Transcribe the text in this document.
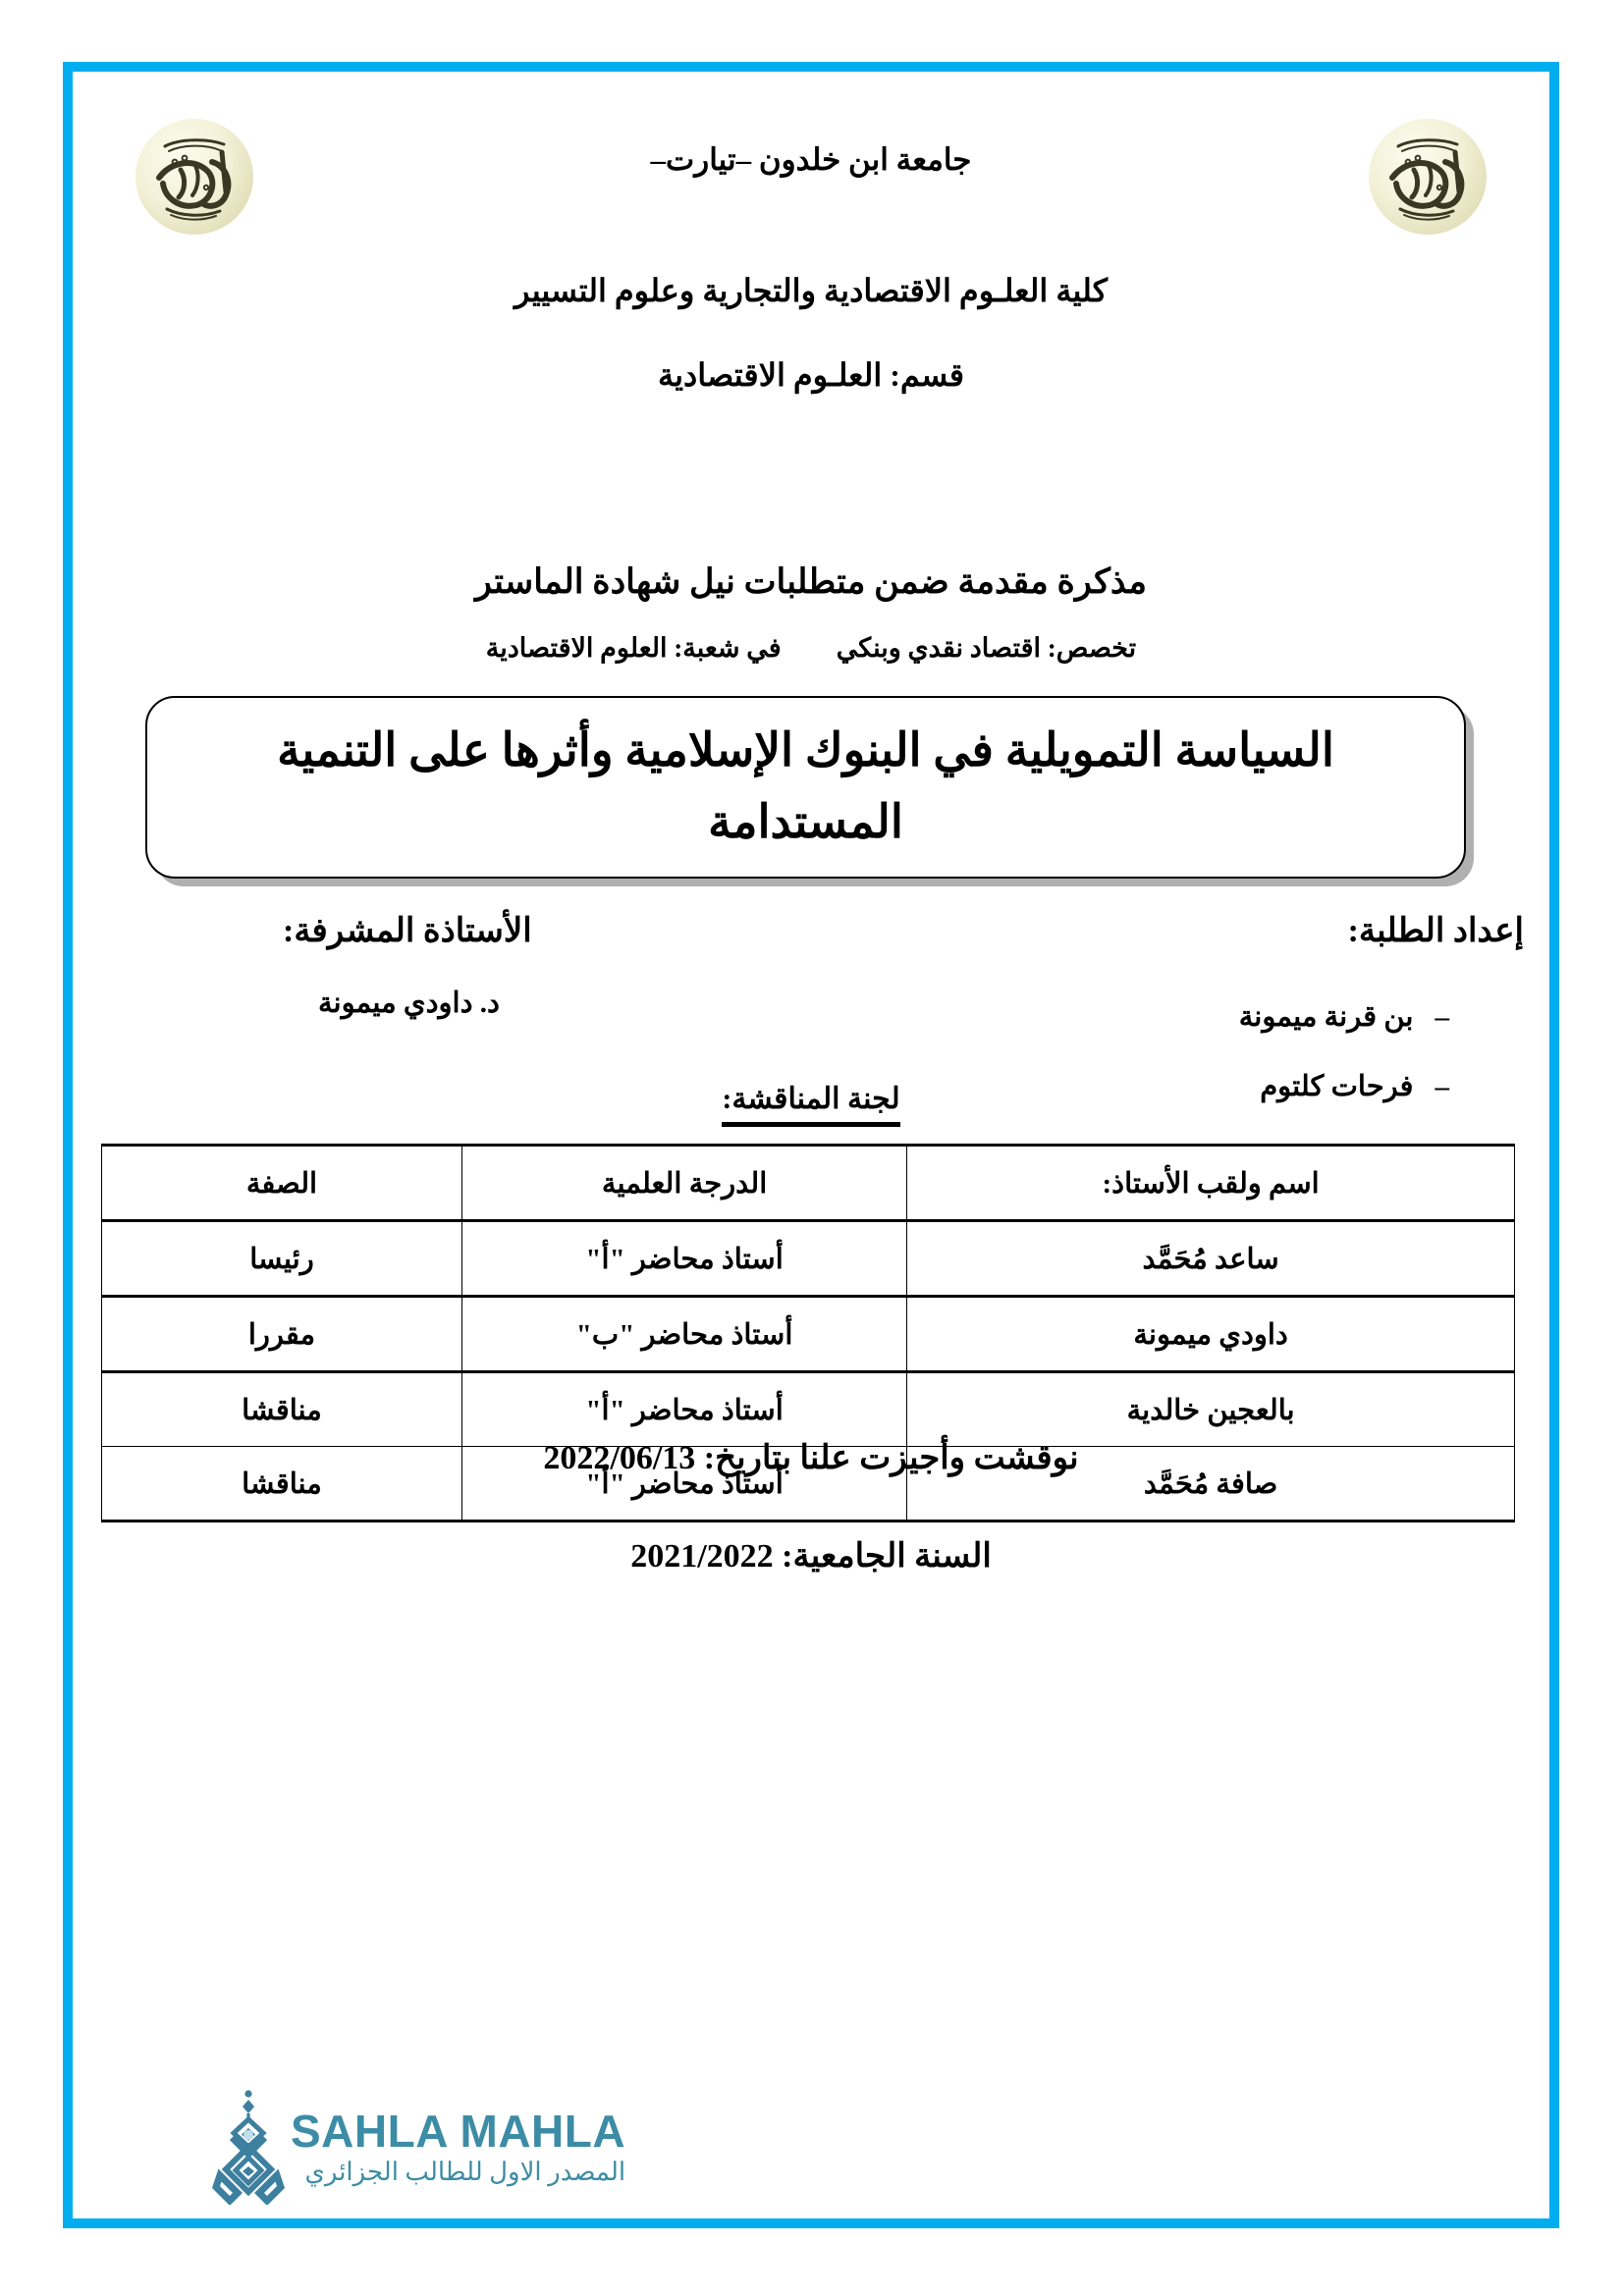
جامعة ابن خلدون –تيارت–
كلية العلـوم الاقتصادية والتجارية وعلوم التسيير
قسم: العلـوم الاقتصادية
مذكرة مقدمة ضمن متطلبات نيل شهادة الماستر
تخصص: اقتصاد نقدي وبنكيفي شعبة: العلوم الاقتصادية
السياسة التمويلية في البنوك الإسلامية وأثرها على التنمية المستدامة
إعداد الطلبة:
الأستاذة المشرفة:
–بن قرنة ميمونة
–فرحات كلتوم
د. داودي ميمونة
لجنة المناقشة:
اسم ولقب الأستاذ:	الدرجة العلمية	الصفة
ساعد مُحَمَّد	أستاذ محاضر "أ"	رئيسا
داودي ميمونة	أستاذ محاضر "ب"	مقررا
بالعجين خالدية	أستاذ محاضر "أ"	مناقشا
صافة مُحَمَّد	أستاذ محاضر "أ"	مناقشا
نوقشت وأجيزت علنا بتاريخ: 2022/06/13
السنة الجامعية: 2021/2022
SAHLA MAHLA
المصدر الاول للطالب الجزائري
